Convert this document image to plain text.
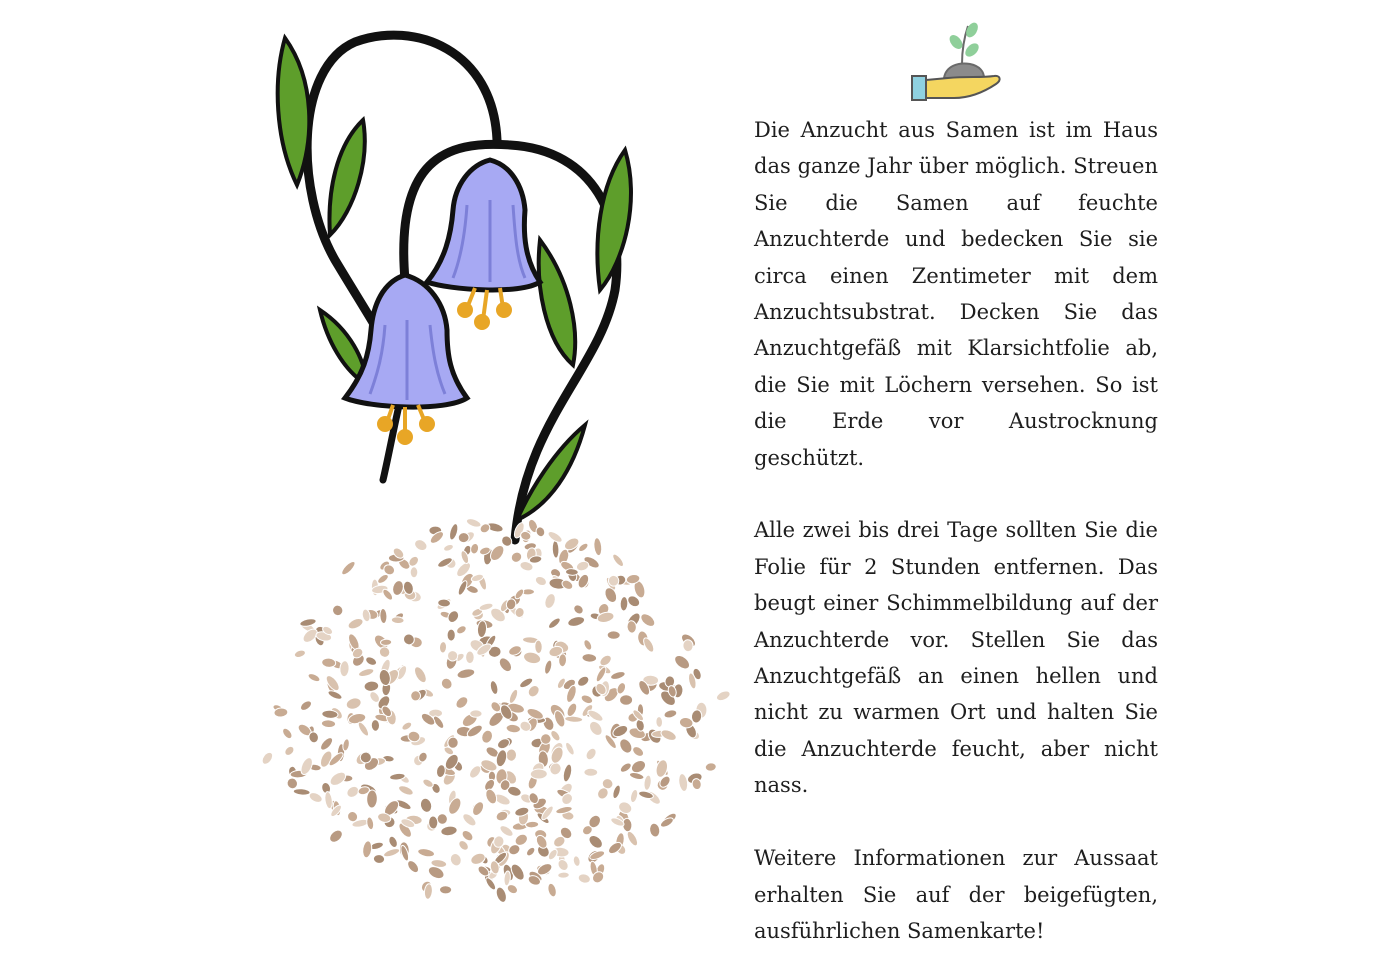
Die Anzucht aus Samen ist im Haus das ganze Jahr über möglich. Streuen Sie die Samen auf feuchte Anzuchterde und bedecken Sie sie circa einen Zentimeter mit dem Anzuchtsubstrat. Decken Sie das Anzuchtgefäß mit Klarsichtfolie ab, die Sie mit Löchern versehen. So ist die Erde vor Austrocknung geschützt.

Alle zwei bis drei Tage sollten Sie die Folie für 2 Stunden entfernen. Das beugt einer Schimmelbildung auf der Anzuchterde vor. Stellen Sie das Anzuchtgefäß an einen hellen und nicht zu warmen Ort und halten Sie die Anzuchterde feucht, aber nicht nass.

Weitere Informationen zur Aussaat erhalten Sie auf der beigefügten, ausführlichen Samenkarte!
